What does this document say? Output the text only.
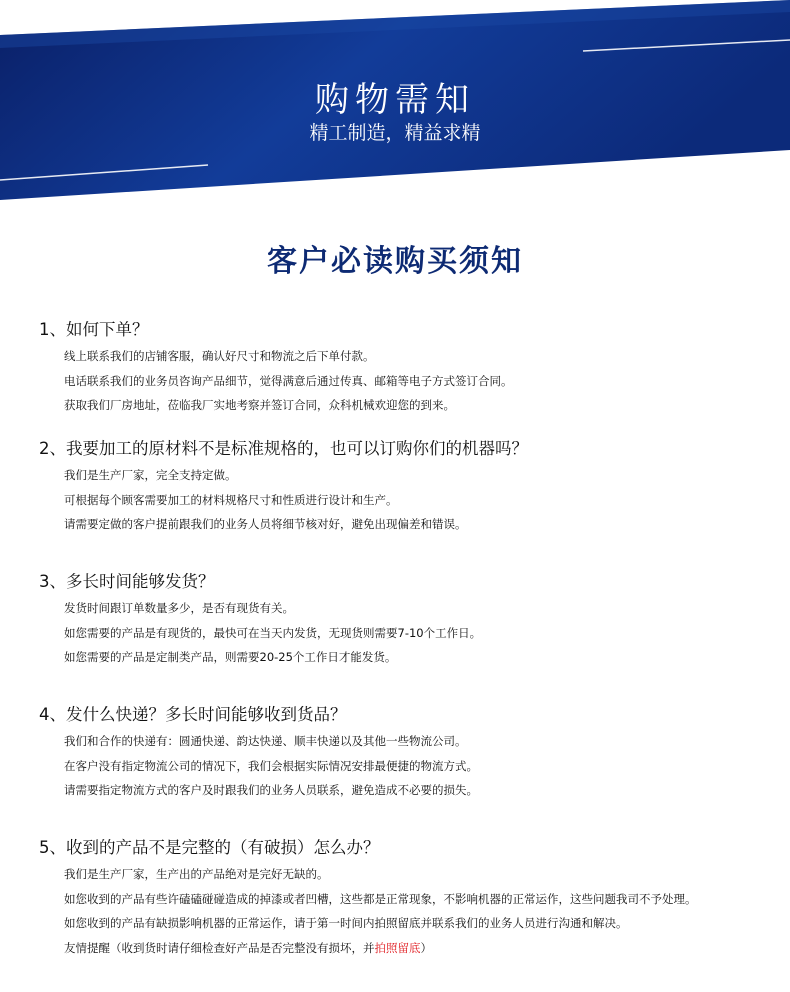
购物需知
精工制造，精益求精
客户必读购买须知
1、如何下单？
线上联系我们的店铺客服，确认好尺寸和物流之后下单付款。
电话联系我们的业务员咨询产品细节，觉得满意后通过传真、邮箱等电子方式签订合同。
获取我们厂房地址，莅临我厂实地考察并签订合同，众科机械欢迎您的到来。
2、我要加工的原材料不是标准规格的，也可以订购你们的机器吗？
我们是生产厂家，完全支持定做。
可根据每个顾客需要加工的材料规格尺寸和性质进行设计和生产。
请需要定做的客户提前跟我们的业务人员将细节核对好，避免出现偏差和错误。
3、多长时间能够发货？
发货时间跟订单数量多少，是否有现货有关。
如您需要的产品是有现货的，最快可在当天内发货，无现货则需要7-10个工作日。
如您需要的产品是定制类产品，则需要20-25个工作日才能发货。
4、发什么快递？多长时间能够收到货品？
我们和合作的快递有：圆通快递、韵达快递、顺丰快递以及其他一些物流公司。
在客户没有指定物流公司的情况下，我们会根据实际情况安排最便捷的物流方式。
请需要指定物流方式的客户及时跟我们的业务人员联系，避免造成不必要的损失。
5、收到的产品不是完整的（有破损）怎么办？
我们是生产厂家，生产出的产品绝对是完好无缺的。
如您收到的产品有些许磕磕碰碰造成的掉漆或者凹槽，这些都是正常现象，不影响机器的正常运作，这些问题我司不予处理。
如您收到的产品有缺损影响机器的正常运作，请于第一时间内拍照留底并联系我们的业务人员进行沟通和解决。
友情提醒（收到货时请仔细检查好产品是否完整没有损坏，并拍照留底）
